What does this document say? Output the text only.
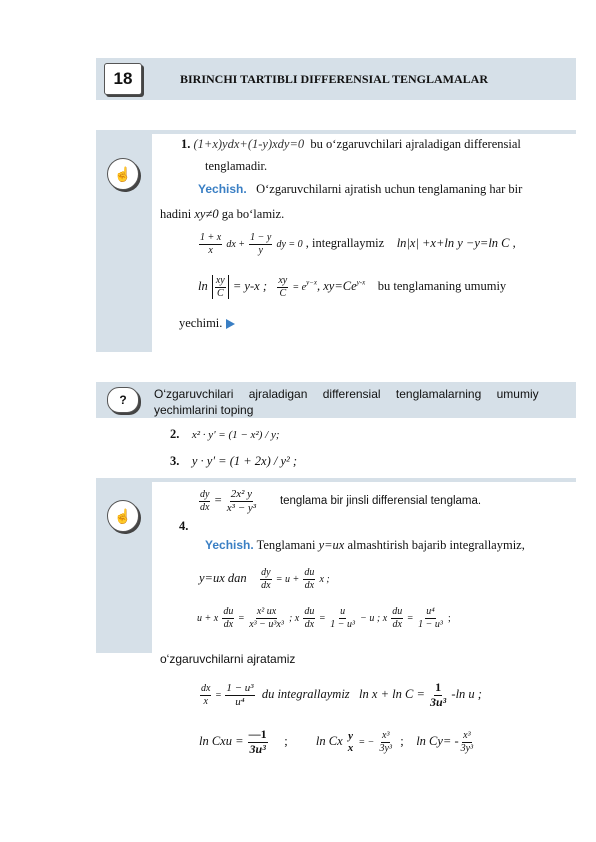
18	BIRINCHI TARTIBLI DIFFERENSIAL TENGLAMALAR
☝
1. (1+x)ydx+(1-y)xdy=0 bu o‘zgaruvchilari ajraladigan differensial
tenglamadir.
Yechish. O‘zgaruvchilarni ajratish uchun tenglamaning har bir
hadini xy≠0 ga bo‘lamiz.
$\frac{1 + x}{x}$ dx + $\frac{1 - y}{y}$ dy = 0 , integrallaymiz ln|x| +x+ln y −y=ln C ,
$\ln \frac{xy}{C} = y-x$ ; $\frac{xy}{C} = e^{y-x}$, $xy=Ce^{y-x}$ bu tenglamaning umumiy
yechimi.
? O‘zgaruvchilari ajraladigan differensial tenglamalarning umumiy
yechimlarini toping
2. x² · y' = (1 − x²) / y;
3. y · y' = (1 + 2x) / y² ;
☝
$\frac{dy}{dx} = \frac{\text{2x² y}}{\text{x³ − y³}}$ tenglama bir jinsli differensial tenglama.
4.
Yechish. Tenglamani y=ux almashtirish bajarib integrallaymiz,
y=ux dan $\frac{dy}{dx} = u + \frac{du}{dx}$ x ;
u + x $\frac{du}{dx} = \frac{\text{x² ux}}{\text{x³ − u³x³}}$ ; x $\frac{du}{dx} = \frac{u}{\text{1 − u³}} - u$ ; x $\frac{du}{dx} = \frac{\text{u⁴}}{\text{1 − u³}}$ ;
o‘zgaruvchilarni ajratamiz
$\frac{dx}{x} = \frac{\text{1 − u³}}{\text{u⁴}}$ du integrallaymiz $\ln x + \ln C = \frac{1}{\text{3u³}} -\ln$ u ;
ln Cxu = $\frac{—1}{\text{3u³}}$ ; ln Cx y
x = − $\frac{\text{x³}}{\text{3y³}}$ ; $\ln Cy= - \frac{\text{x³}}{\text{3y³}}$
